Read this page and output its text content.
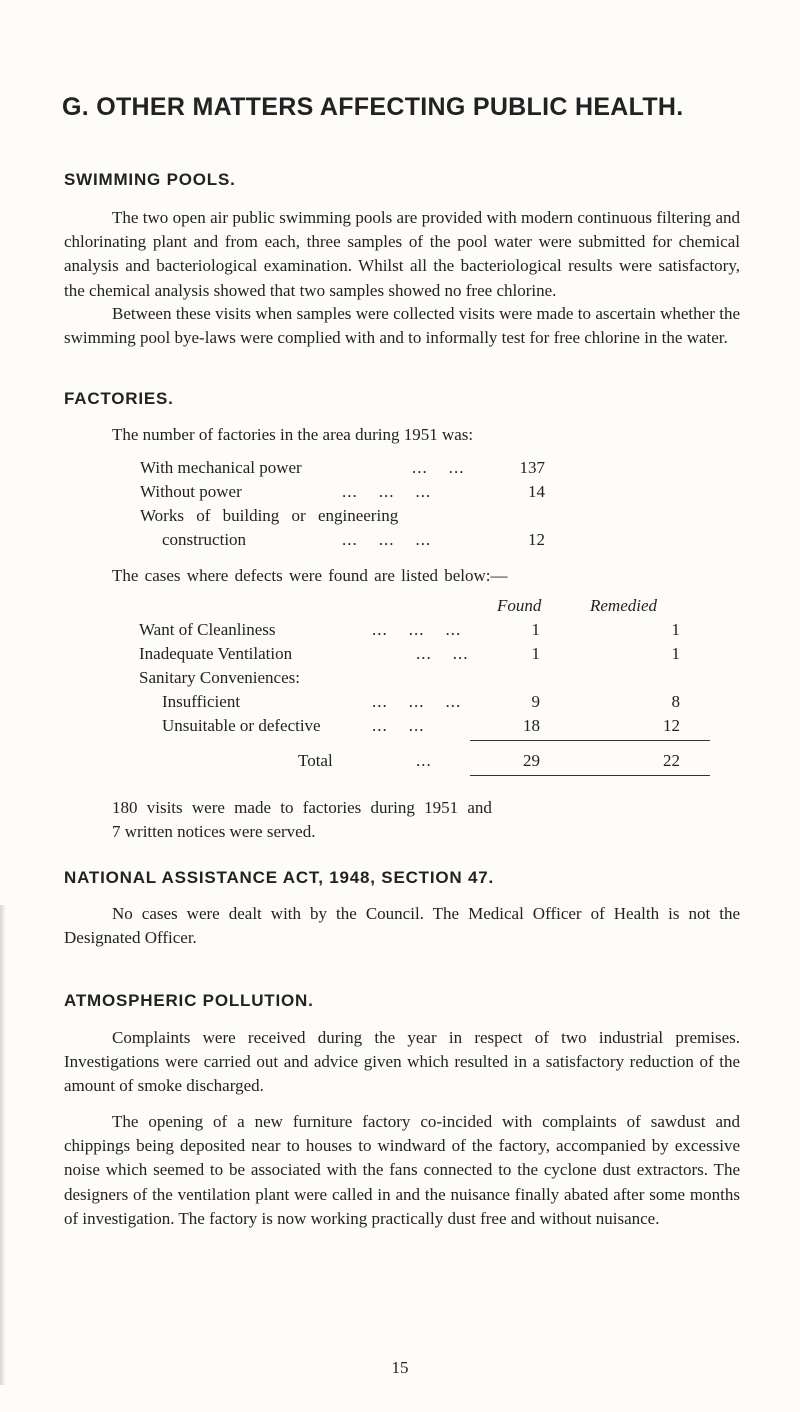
G. OTHER MATTERS AFFECTING PUBLIC HEALTH.
SWIMMING POOLS.

The two open air public swimming pools are provided with modern continuous filtering and chlorinating plant and from each, three samples of the pool water were submitted for chemical analysis and bacteriological examination. Whilst all the bacteriological results were satisfactory, the chemical analysis showed that two samples showed no free chlorine.

Between these visits when samples were collected visits were made to ascertain whether the swimming pool bye-laws were complied with and to informally test for free chlorine in the water.

FACTORIES.
The number of factories in the area during 1951 was:
With mechanical power	...    ...	137
Without power	...    ...    ...	14
Works of building or engineering
construction	...    ...    ...	12
The cases where defects were found are listed below:—
Found	Remedied
Want of Cleanliness	...    ...    ...	1	1
Inadequate Ventilation	...    ...	1	1
Sanitary Conveniences:
Insufficient	...    ...    ...	9	8
Unsuitable or defective	...    ...	18	12
Total	...	29	22
180 visits were made to factories during 1951 and
7 written notices were served.
NATIONAL ASSISTANCE ACT, 1948, SECTION 47.

No cases were dealt with by the Council. The Medical Officer of Health is not the Designated Officer.

ATMOSPHERIC POLLUTION.

Complaints were received during the year in respect of two industrial premises. Investigations were carried out and advice given which resulted in a satisfactory reduction of the amount of smoke discharged.

The opening of a new furniture factory co-incided with complaints of sawdust and chippings being deposited near to houses to windward of the factory, accompanied by excessive noise which seemed to be associated with the fans connected to the cyclone dust extractors. The designers of the ventilation plant were called in and the nuisance finally abated after some months of investigation. The factory is now working practically dust free and without nuisance.

15
